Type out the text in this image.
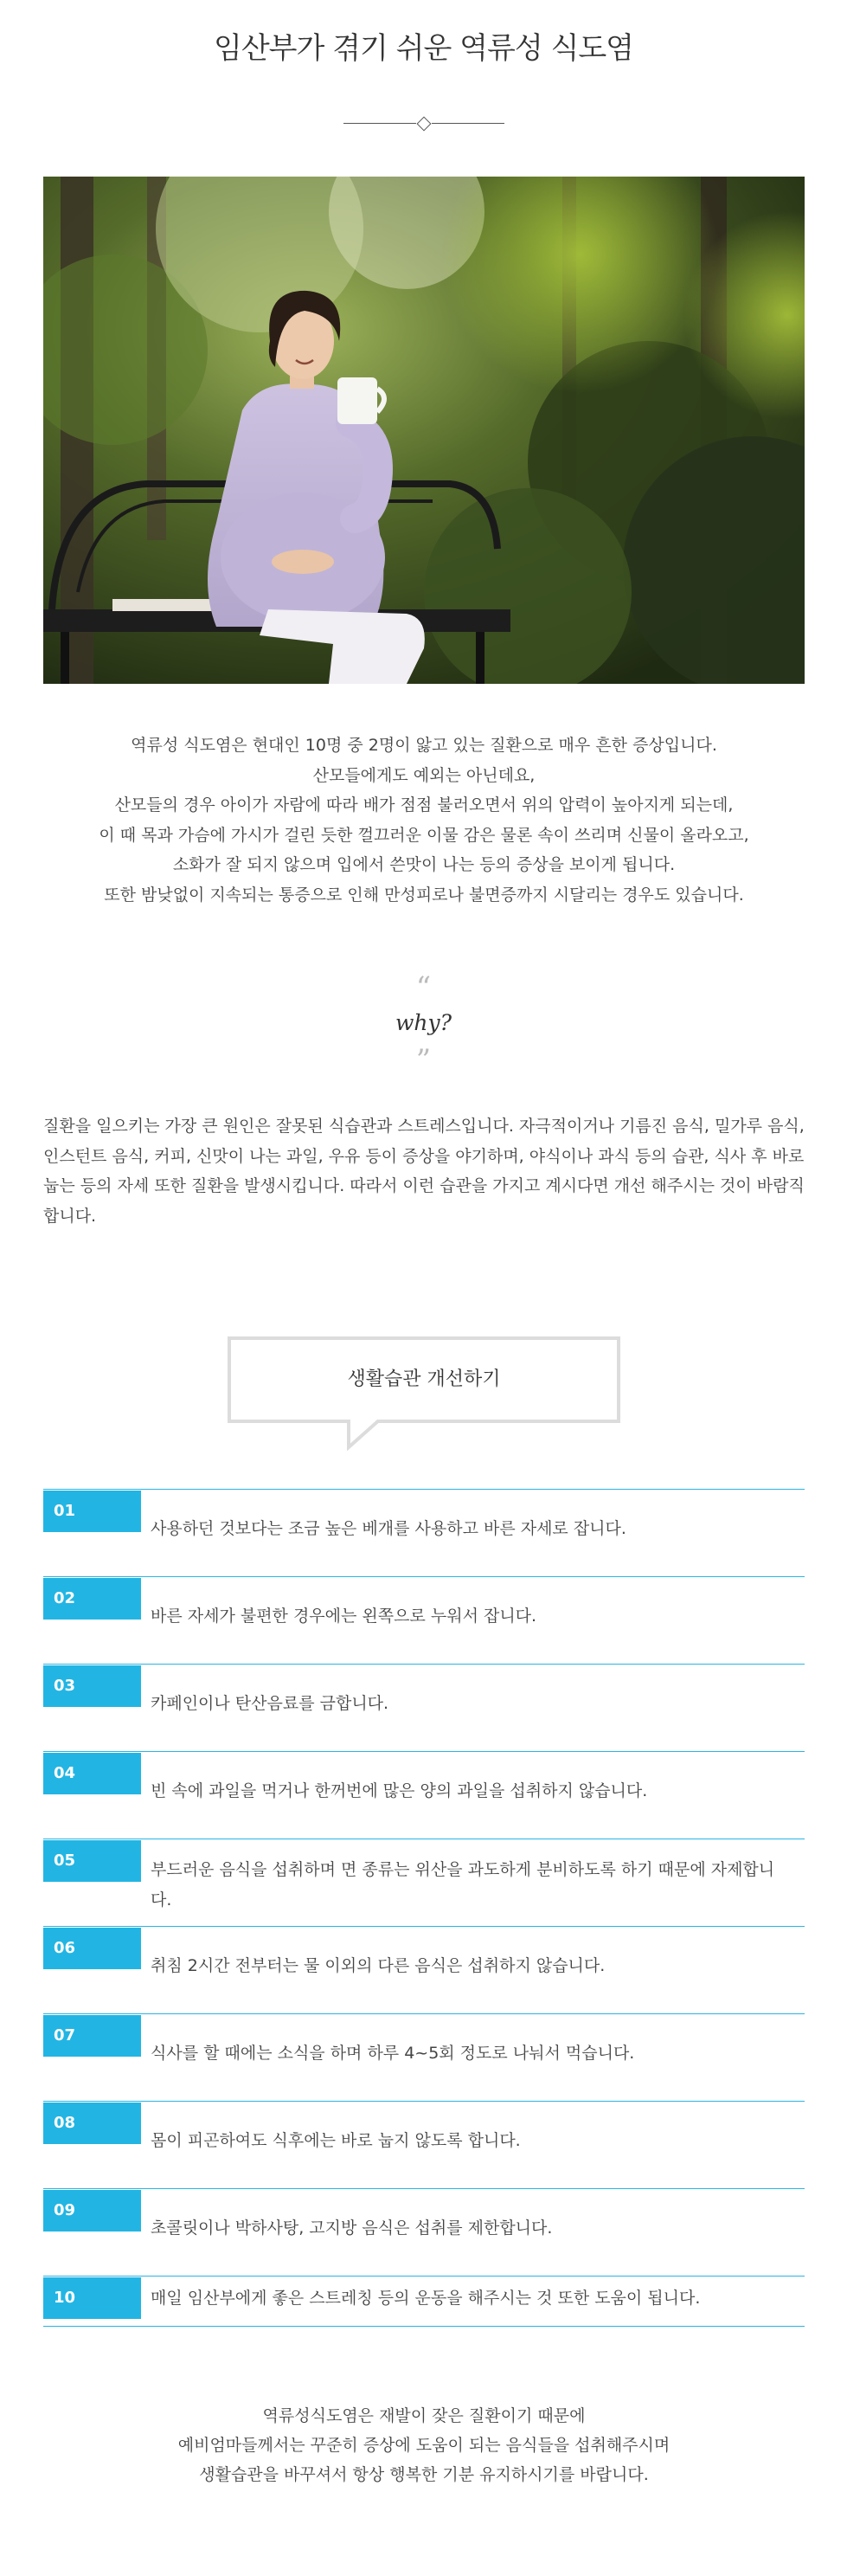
임산부가 겪기 쉬운 역류성 식도염

역류성 식도염은 현대인 10명 중 2명이 앓고 있는 질환으로 매우 흔한 증상입니다.

산모들에게도 예외는 아닌데요,

산모들의 경우 아이가 자람에 따라 배가 점점 불러오면서 위의 압력이 높아지게 되는데,

이 때 목과 가슴에 가시가 걸린 듯한 껄끄러운 이물 감은 물론 속이 쓰리며 신물이 올라오고,

소화가 잘 되지 않으며 입에서 쓴맛이 나는 등의 증상을 보이게 됩니다.

또한 밤낮없이 지속되는 통증으로 인해 만성피로나 불면증까지 시달리는 경우도 있습니다.

“
why?
”
질환을 일으키는 가장 큰 원인은 잘못된 식습관과 스트레스입니다. 자극적이거나 기름진 음식, 밀가루 음식, 인스턴트 음식, 커피, 신맛이 나는 과일, 우유 등이 증상을 야기하며, 야식이나 과식 등의 습관, 식사 후 바로 눕는 등의 자세 또한 질환을 발생시킵니다. 따라서 이런 습관을 가지고 계시다면 개선 해주시는 것이 바람직합니다.
생활습관 개선하기
01
사용하던 것보다는 조금 높은 베개를 사용하고 바른 자세로 잡니다.
02
바른 자세가 불편한 경우에는 왼쪽으로 누워서 잡니다.
03
카페인이나 탄산음료를 금합니다.
04
빈 속에 과일을 먹거나 한꺼번에 많은 양의 과일을 섭취하지 않습니다.
05	부드러운 음식을 섭취하며 면 종류는 위산을 과도하게 분비하도록 하기 때문에 자제합니다.
06
취침 2시간 전부터는 물 이외의 다른 음식은 섭취하지 않습니다.
07
식사를 할 때에는 소식을 하며 하루 4~5회 정도로 나눠서 먹습니다.
08
몸이 피곤하여도 식후에는 바로 눕지 않도록 합니다.
09
초콜릿이나 박하사탕, 고지방 음식은 섭취를 제한합니다.
10	매일 임산부에게 좋은 스트레칭 등의 운동을 해주시는 것 또한 도움이 됩니다.

역류성식도염은 재발이 잦은 질환이기 때문에

예비엄마들께서는 꾸준히 증상에 도움이 되는 음식들을 섭취해주시며

생활습관을 바꾸셔서 항상 행복한 기분 유지하시기를 바랍니다.
